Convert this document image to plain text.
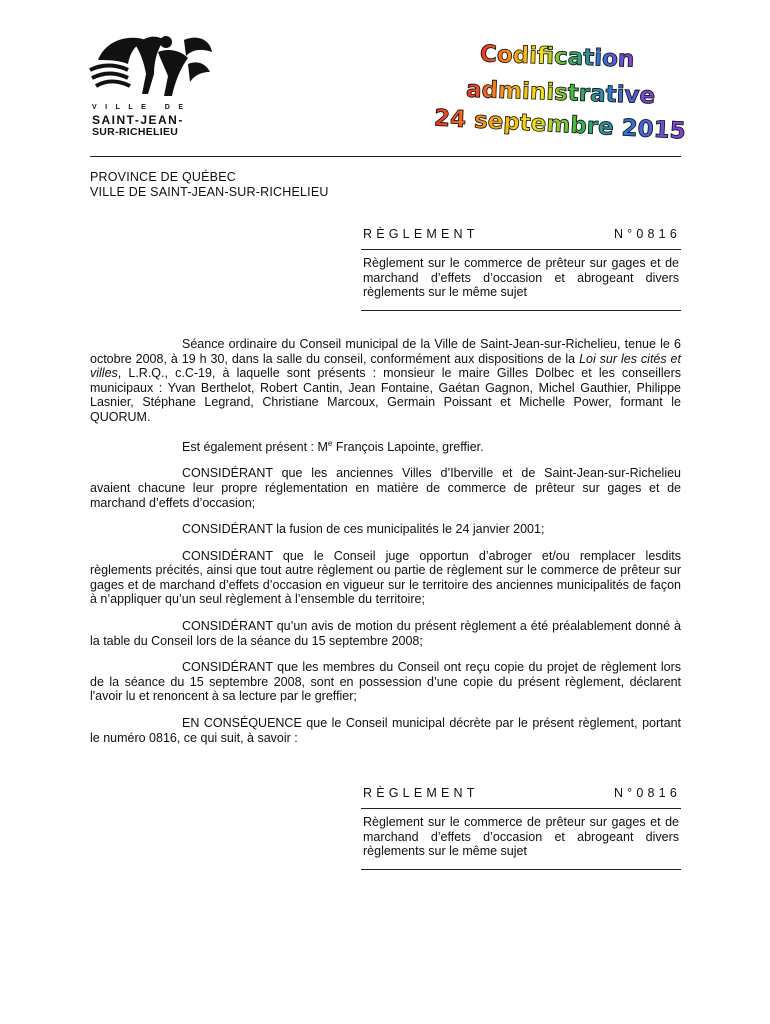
VILLE DE
SAINT-JEAN-
SUR-RICHELIEU
Codification
administrative
24 septembre 2015
PROVINCE DE QUÉBEC
VILLE DE SAINT-JEAN-SUR-RICHELIEU
RÈGLEMENT	N°0816
Règlement sur le commerce de prêteur sur gages et de marchand d’effets d’occasion et abrogeant divers règlements sur le même sujet

Séance ordinaire du Conseil municipal de la Ville de Saint-Jean-sur-Richelieu, tenue le 6 octobre 2008, à 19 h 30, dans la salle du conseil, conformément aux dispositions de la Loi sur les cités et villes, L.R.Q., c.C-19, à laquelle sont présents : monsieur le maire Gilles Dolbec et les conseillers municipaux : Yvan Berthelot, Robert Cantin, Jean Fontaine, Gaétan Gagnon, Michel Gauthier, Philippe Lasnier, Stéphane Legrand, Christiane Marcoux, Germain Poissant et Michelle Power, formant le QUORUM.

Est également présent : Me François Lapointe, greffier.

CONSIDÉRANT que les anciennes Villes d’Iberville et de Saint-Jean-sur-Richelieu avaient chacune leur propre réglementation en matière de commerce de prêteur sur gages et de marchand d’effets d’occasion;

CONSIDÉRANT la fusion de ces municipalités le 24 janvier 2001;

CONSIDÉRANT que le Conseil juge opportun d’abroger et/ou remplacer lesdits règlements précités, ainsi que tout autre règlement ou partie de règlement sur le commerce de prêteur sur gages et de marchand d’effets d’occasion en vigueur sur le territoire des anciennes municipalités de façon à n’appliquer qu’un seul règlement à l’ensemble du territoire;

CONSIDÉRANT qu’un avis de motion du présent règlement a été préalablement donné à la table du Conseil lors de la séance du 15 septembre 2008;

CONSIDÉRANT que les membres du Conseil ont reçu copie du projet de règlement lors de la séance du 15 septembre 2008, sont en possession d’une copie du présent règlement, déclarent l'avoir lu et renoncent à sa lecture par le greffier;

EN CONSÉQUENCE que le Conseil municipal décrète par le présent règlement, portant le numéro 0816, ce qui suit, à savoir :

RÈGLEMENT	N°0816
Règlement sur le commerce de prêteur sur gages et de marchand d’effets d’occasion et abrogeant divers règlements sur le même sujet
